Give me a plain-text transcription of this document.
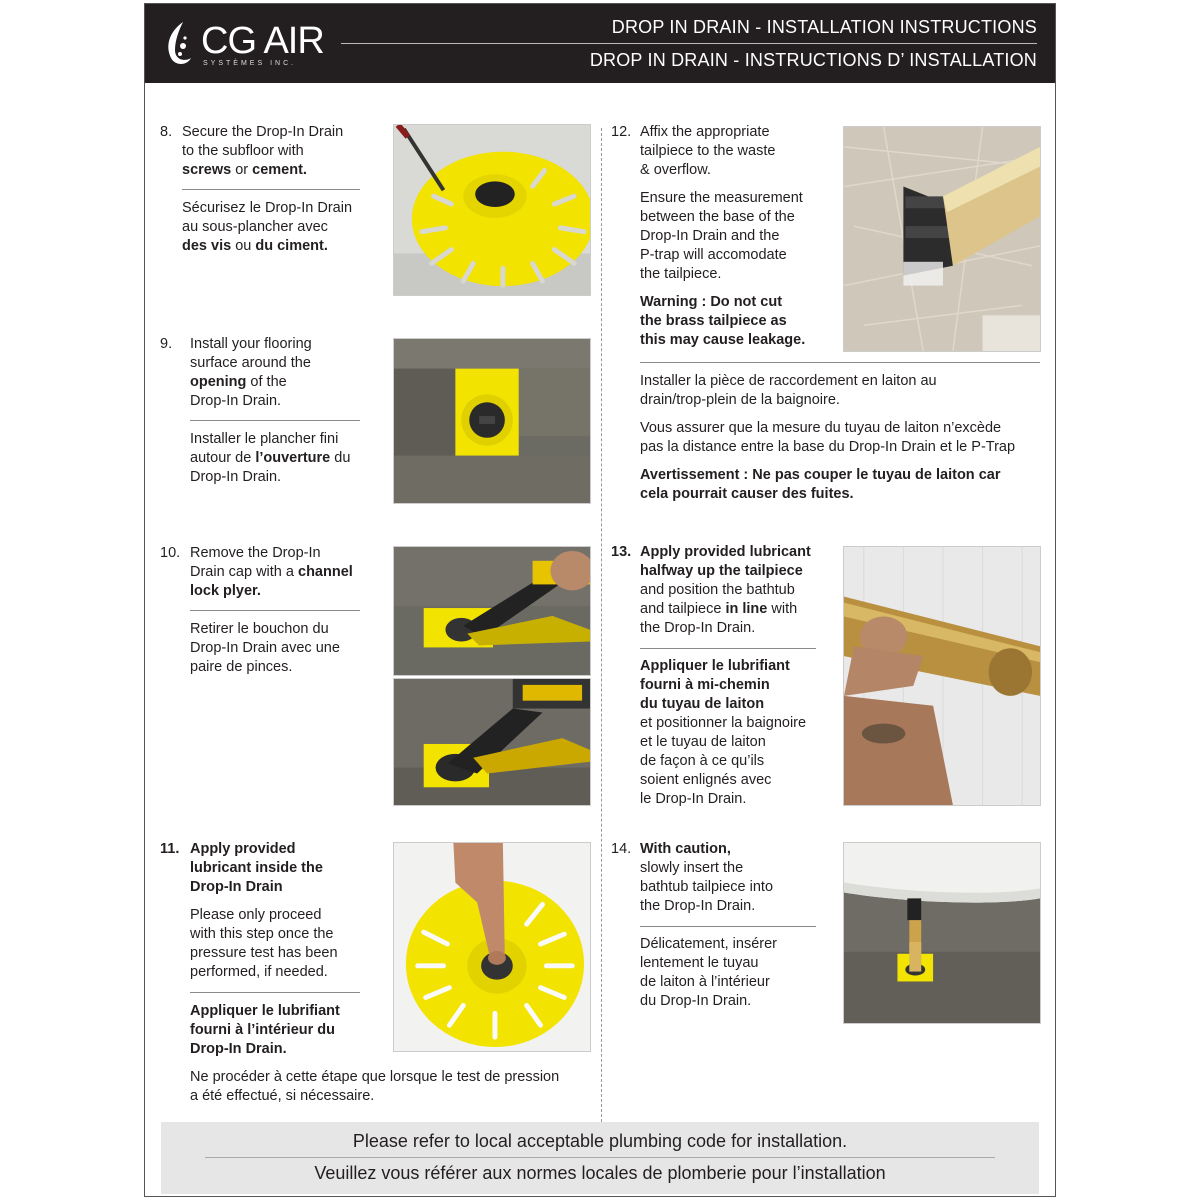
CG AIR
SYSTÈMES INC.
DROP IN DRAIN - INSTALLATION INSTRUCTIONS
DROP IN DRAIN - INSTRUCTIONS D’ INSTALLATION
8. Secure the Drop-In Drain
to the subfloor with
screws or cement.
Sécurisez le Drop-In Drain
au sous-plancher avec
des vis ou du ciment.
9. Install your flooring
surface around the
opening of the
Drop-In Drain.
Installer le plancher fini
autour de l’ouverture du
Drop-In Drain.
10. Remove the Drop-In
Drain cap with a channel
lock plyer.
Retirer le bouchon du
Drop-In Drain avec une
paire de pinces.
11. Apply provided
lubricant inside the
Drop-In Drain
Please only proceed
with this step once the
pressure test has been
performed, if needed.
Appliquer le lubrifiant
fourni à l’intérieur du
Drop-In Drain.
Ne procéder à cette étape que lorsque le test de pression
a été effectué, si nécessaire.
12. Affix the appropriate
tailpiece to the waste
& overflow.
Ensure the measurement
between the base of the
Drop-In Drain and the
P-trap will accomodate
the tailpiece.
Warning : Do not cut
the brass tailpiece as
this may cause leakage.
Installer la pièce de raccordement en laiton au
drain/trop-plein de la baignoire.
Vous assurer que la mesure du tuyau de laiton n’excède
pas la distance entre la base du Drop-In Drain et le P-Trap
Avertissement : Ne pas couper le tuyau de laiton car
cela pourrait causer des fuites.
13. Apply provided lubricant
halfway up the tailpiece
and position the bathtub
and tailpiece in line with
the Drop-In Drain.
Appliquer le lubrifiant
fourni à mi-chemin
du tuyau de laiton
et positionner la baignoire
et le tuyau de laiton
de façon à ce qu’ils
soient enlignés avec
le Drop-In Drain.
14. With caution,
slowly insert the
bathtub tailpiece into
the Drop-In Drain.
Délicatement, insérer
lentement le tuyau
de laiton à l’intérieur
du Drop-In Drain.
Please refer to local acceptable plumbing code for installation.
Veuillez vous référer aux normes locales de plomberie pour l’installation
